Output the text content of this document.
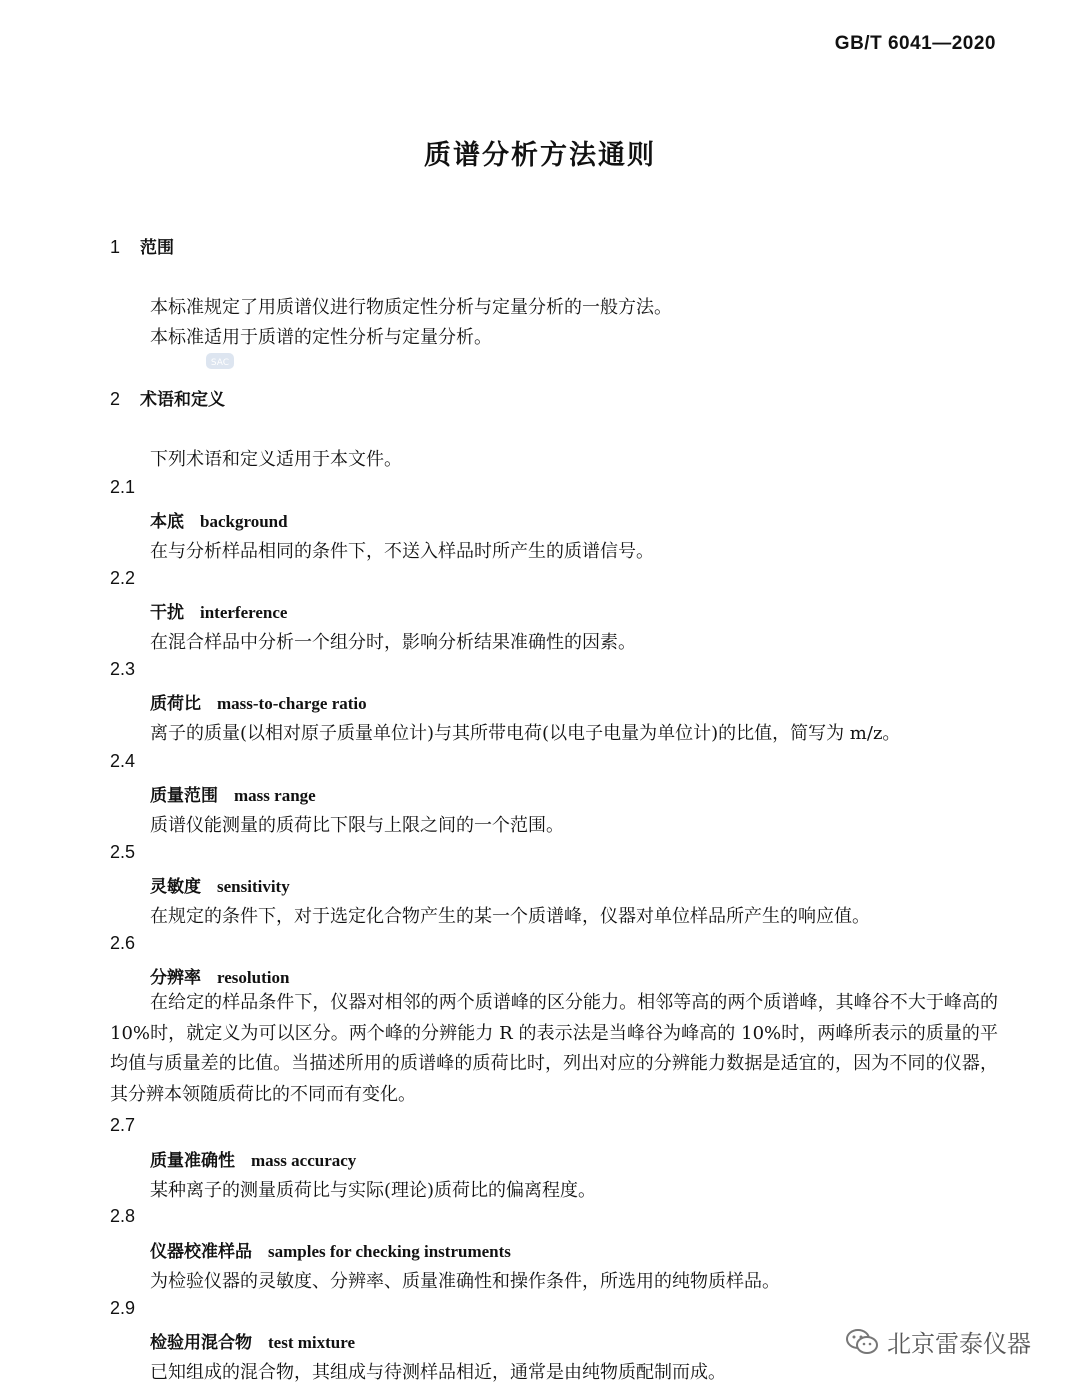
GB/T 6041—2020
质谱分析方法通则
1 范围
本标准规定了用质谱仪进行物质定性分析与定量分析的一般方法。
本标准适用于质谱的定性分析与定量分析。
SAC
2 术语和定义
下列术语和定义适用于本文件。
2.1
本底 background
在与分析样品相同的条件下，不送入样品时所产生的质谱信号。
2.2
干扰 interference
在混合样品中分析一个组分时，影响分析结果准确性的因素。
2.3
质荷比 mass-to-charge ratio
离子的质量(以相对原子质量单位计)与其所带电荷(以电子电量为单位计)的比值，简写为 m/z。
2.4
质量范围 mass range
质谱仪能测量的质荷比下限与上限之间的一个范围。
2.5
灵敏度 sensitivity
在规定的条件下，对于选定化合物产生的某一个质谱峰，仪器对单位样品所产生的响应值。
2.6
分辨率 resolution
在给定的样品条件下，仪器对相邻的两个质谱峰的区分能力。相邻等高的两个质谱峰，其峰谷不大于峰高的 10%时，就定义为可以区分。两个峰的分辨能力 R 的表示法是当峰谷为峰高的 10%时，两峰所表示的质量的平均值与质量差的比值。当描述所用的质谱峰的质荷比时，列出对应的分辨能力数据是适宜的，因为不同的仪器，其分辨本领随质荷比的不同而有变化。
2.7
质量准确性 mass accuracy
某种离子的测量质荷比与实际(理论)质荷比的偏离程度。
2.8
仪器校准样品 samples for checking instruments
为检验仪器的灵敏度、分辨率、质量准确性和操作条件，所选用的纯物质样品。
2.9
检验用混合物 test mixture
已知组成的混合物，其组成与待测样品相近，通常是由纯物质配制而成。
北京雷泰仪器
